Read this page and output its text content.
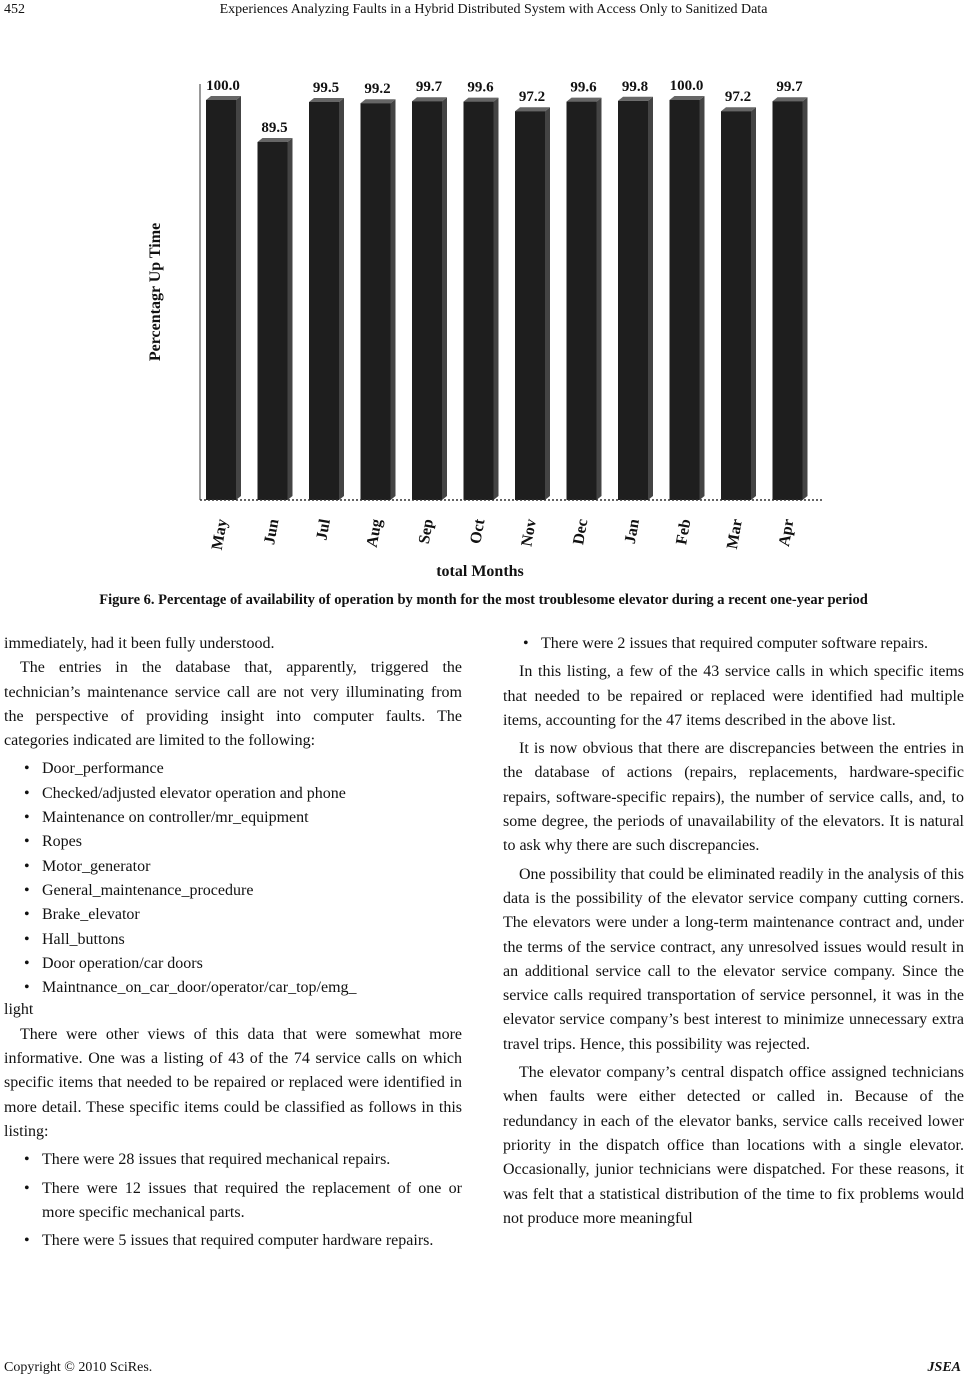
452	Experiences Analyzing Faults in a Hybrid Distributed System with Access Only to Sanitized Data
100.0
89.5
99.5 99.2 99.7 99.6
97.2
99.6 99.8 100.0
97.2
99.7
Percentagr Up Time
total Months
May Jun Jul Aug Sep Oct Nov Dec Jan Feb Mar Apr
Figure 6. Percentage of availability of operation by month for the most troublesome elevator during a recent one-year period

immediately, had it been fully understood.

The entries in the database that, apparently, triggered the technician’s maintenance service call are not very illuminating from the perspective of providing insight into computer faults. The categories indicated are limited to the following:

• Door_performance
• Checked/adjusted elevator operation and phone
• Maintenance on controller/mr_equipment
• Ropes
• Motor_generator
• General_maintenance_procedure
• Brake_elevator
• Hall_buttons
• Door operation/car doors
• Maintnance_on_car_door/operator/car_top/emg_

light

There were other views of this data that were somewhat more informative. One was a listing of 43 of the 74 service calls on which specific items that needed to be repaired or replaced were identified in more detail. These specific items could be classified as follows in this listing:

• There were 28 issues that required mechanical repairs.
• There were 12 issues that required the replacement of one or more specific mechanical parts.
• There were 5 issues that required computer hardware repairs.
• There were 2 issues that required computer software repairs.

In this listing, a few of the 43 service calls in which specific items that needed to be repaired or replaced were identified had multiple items, accounting for the 47 items described in the above list.

It is now obvious that there are discrepancies between the entries in the database of actions (repairs, replacements, hardware-specific repairs, software-specific repairs), the number of service calls, and, to some degree, the periods of unavailability of the elevators. It is natural to ask why there are such discrepancies.

One possibility that could be eliminated readily in the analysis of this data is the possibility of the elevator service company cutting corners. The elevators were under a long-term maintenance contract and, under the terms of the service contract, any unresolved issues would result in an additional service call to the elevator service company. Since the service calls required transportation of service personnel, it was in the elevator service company’s best interest to minimize unnecessary extra travel trips. Hence, this possibility was rejected.

The elevator company’s central dispatch office assigned technicians when faults were either detected or called in. Because of the redundancy in each of the elevator banks, service calls received lower priority in the dispatch office than locations with a single elevator. Occasionally, junior technicians were dispatched. For these reasons, it was felt that a statistical distribution of the time to fix problems would not produce more meaningful

Copyright © 2010 SciRes.	JSEA
